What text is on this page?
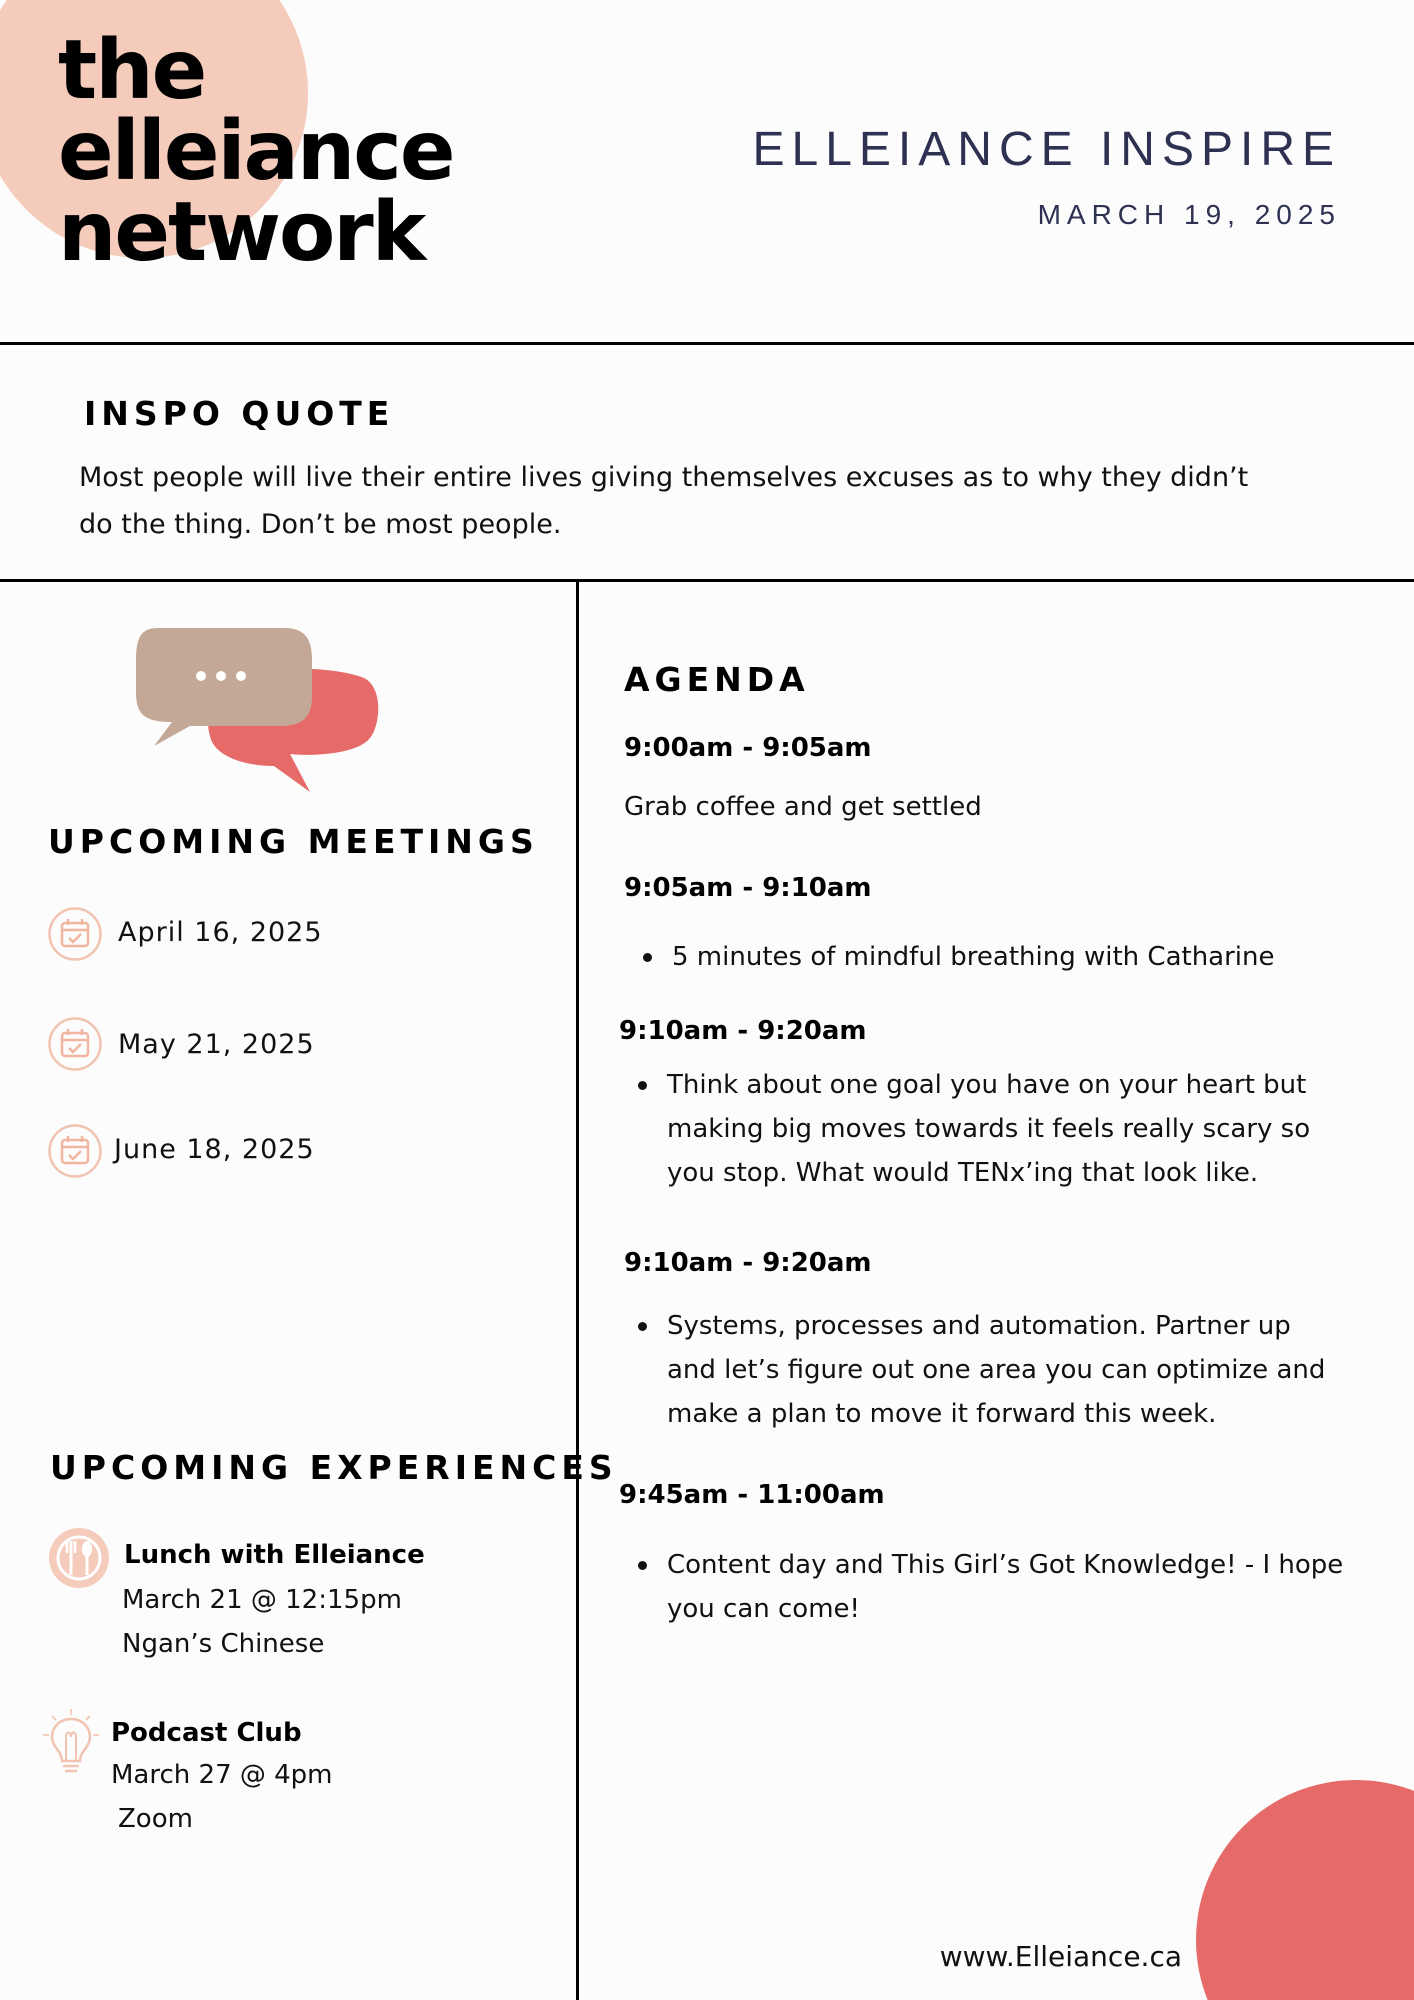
the
elleiance
network
ELLEIANCE INSPIRE
MARCH 19, 2025
INSPO QUOTE
Most people will live their entire lives giving themselves excuses as to why they didn’t do the thing. Don’t be most people.
UPCOMING MEETINGS
April 16, 2025
May 21, 2025
June 18, 2025
UPCOMING EXPERIENCES
Lunch with Elleiance
March 21 @ 12:15pm
Ngan’s Chinese
Podcast Club
March 27 @ 4pm
Zoom
AGENDA
9:00am - 9:05am
Grab coffee and get settled
9:05am - 9:10am
5 minutes of mindful breathing with Catharine
9:10am - 9:20am
Think about one goal you have on your heart but making big moves towards it feels really scary so you stop. What would TENx’ing that look like.
9:10am - 9:20am
Systems, processes and automation. Partner up and let’s figure out one area you can optimize and make a plan to move it forward this week.
9:45am - 11:00am
Content day and This Girl’s Got Knowledge! - I hope you can come!
www.Elleiance.ca
